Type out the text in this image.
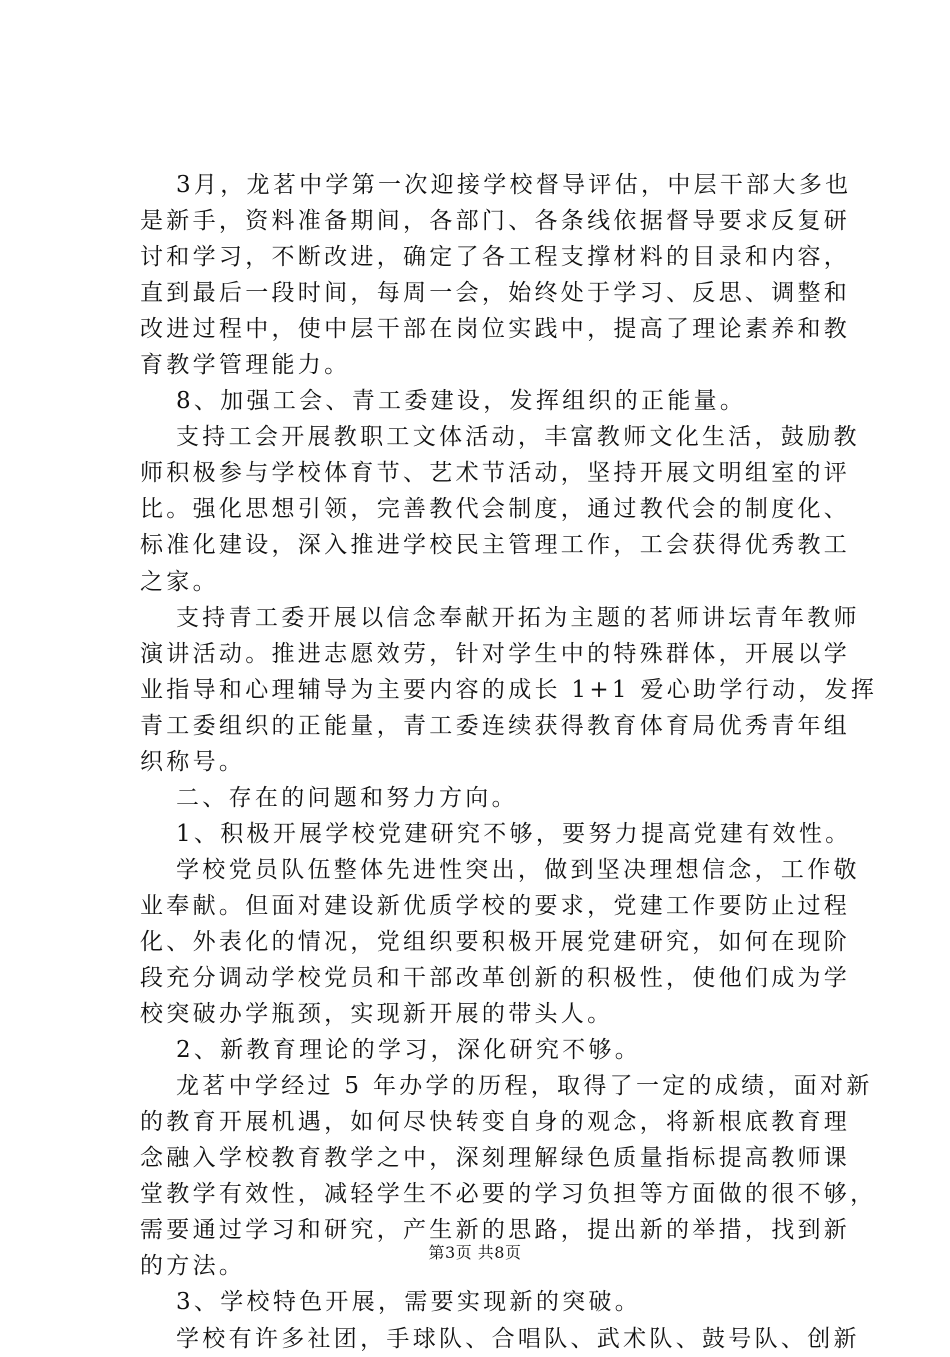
3月，龙茗中学第一次迎接学校督导评估，中层干部大多也
是新手，资料准备期间，各部门、各条线依据督导要求反复研
讨和学习，不断改进，确定了各工程支撑材料的目录和内容，
直到最后一段时间，每周一会，始终处于学习、反思、调整和
改进过程中，使中层干部在岗位实践中，提高了理论素养和教
育教学管理能力。
8、加强工会、青工委建设，发挥组织的正能量。
支持工会开展教职工文体活动，丰富教师文化生活，鼓励教
师积极参与学校体育节、艺术节活动，坚持开展文明组室的评
比。强化思想引领，完善教代会制度，通过教代会的制度化、
标准化建设，深入推进学校民主管理工作，工会获得优秀教工
之家。
支持青工委开展以信念奉献开拓为主题的茗师讲坛青年教师
演讲活动。推进志愿效劳，针对学生中的特殊群体，开展以学
业指导和心理辅导为主要内容的成长 1+1 爱心助学行动，发挥
青工委组织的正能量，青工委连续获得教育体育局优秀青年组
织称号。
二、存在的问题和努力方向。
1、积极开展学校党建研究不够，要努力提高党建有效性。
学校党员队伍整体先进性突出，做到坚决理想信念，工作敬
业奉献。但面对建设新优质学校的要求，党建工作要防止过程
化、外表化的情况，党组织要积极开展党建研究，如何在现阶
段充分调动学校党员和干部改革创新的积极性，使他们成为学
校突破办学瓶颈，实现新开展的带头人。
2、新教育理论的学习，深化研究不够。
龙茗中学经过 5 年办学的历程，取得了一定的成绩，面对新
的教育开展机遇，如何尽快转变自身的观念，将新根底教育理
念融入学校教育教学之中，深刻理解绿色质量指标提高教师课
堂教学有效性，减轻学生不必要的学习负担等方面做的很不够，
需要通过学习和研究，产生新的思路，提出新的举措，找到新
的方法。
3、学校特色开展，需要实现新的突破。
学校有许多社团，手球队、合唱队、武术队、鼓号队、创新
第3页 共8页
